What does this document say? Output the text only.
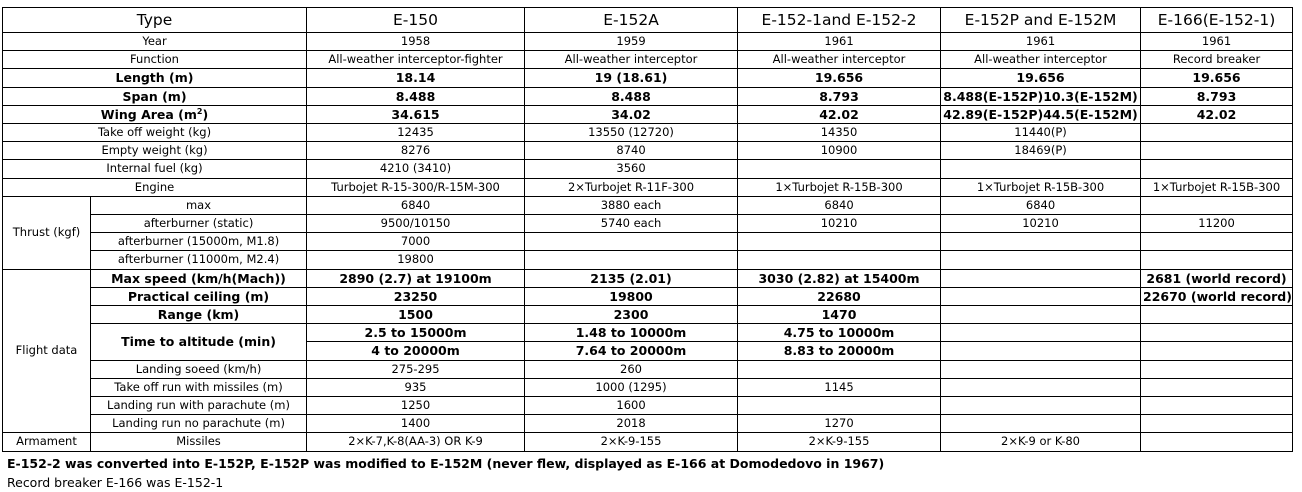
Type		E-150	E-152A	E-152-1and E-152-2	E-152P and E-152M	E-166(E-152-1)
Year		1958	1959	1961	1961	1961
Function		All-weather interceptor-fighter	All-weather interceptor	All-weather interceptor	All-weather interceptor	Record breaker
Length (m)		18.14	19 (18.61)	19.656	19.656	19.656
Span (m)		8.488	8.488	8.793	8.488(E-152P)10.3(E-152M)	8.793
Wing Area $(m^2)$		34.615	34.02	42.02	42.89(E-152P)44.5(E-152M)	42.02
Take off weight (kg)		12435	13550 (12720)	14350	11440(P)	
Empty weight (kg)		8276	8740	10900	18469(P)	
Internal fuel (kg)		4210 (3410)	3560			
Engine		Turbojet R-15-300/R-15M-300	2×Turbojet R-11F-300	1×Turbojet R-15B-300	1×Turbojet R-15B-300	1×Turbojet R-15B-300
Thrust (kgf)	max	6840	3880 each	6840	6840	
	afterburner (static)	9500/10150	5740 each	10210	10210	11200
	afterburner (15000m, M1.8)	7000				
	afterburner (11000m, M2.4)	19800				
Flight data	Max speed (km/h(Mach))	2890 (2.7) at 19100m	2135 (2.01)	3030 (2.82) at 15400m		2681 (world record)
	Practical ceiling (m)	23250	19800	22680		22670 (world record)
	Range (km)	1500	2300	1470		
	Time to altitude (min)	2.5 to 15000m	1.48 to 10000m	4.75 to 10000m		
		4 to 20000m	7.64 to 20000m	8.83 to 20000m		
	Landing soeed (km/h)	275-295	260			
	Take off run with missiles (m)	935	1000 (1295)	1145		
	Landing run with parachute (m)	1250	1600			
	Landing run no parachute (m)	1400	2018	1270		
Armament	Missiles	2×K-7,K-8(AA-3) OR K-9	2×K-9-155	2×K-9-155	2×K-9 or K-80	
E-152-2 was converted into E-152P, E-152P was modified to E-152M (never flew, displayed as E-166 at Domodedovo in 1967)
Record breaker E-166 was E-152-1
